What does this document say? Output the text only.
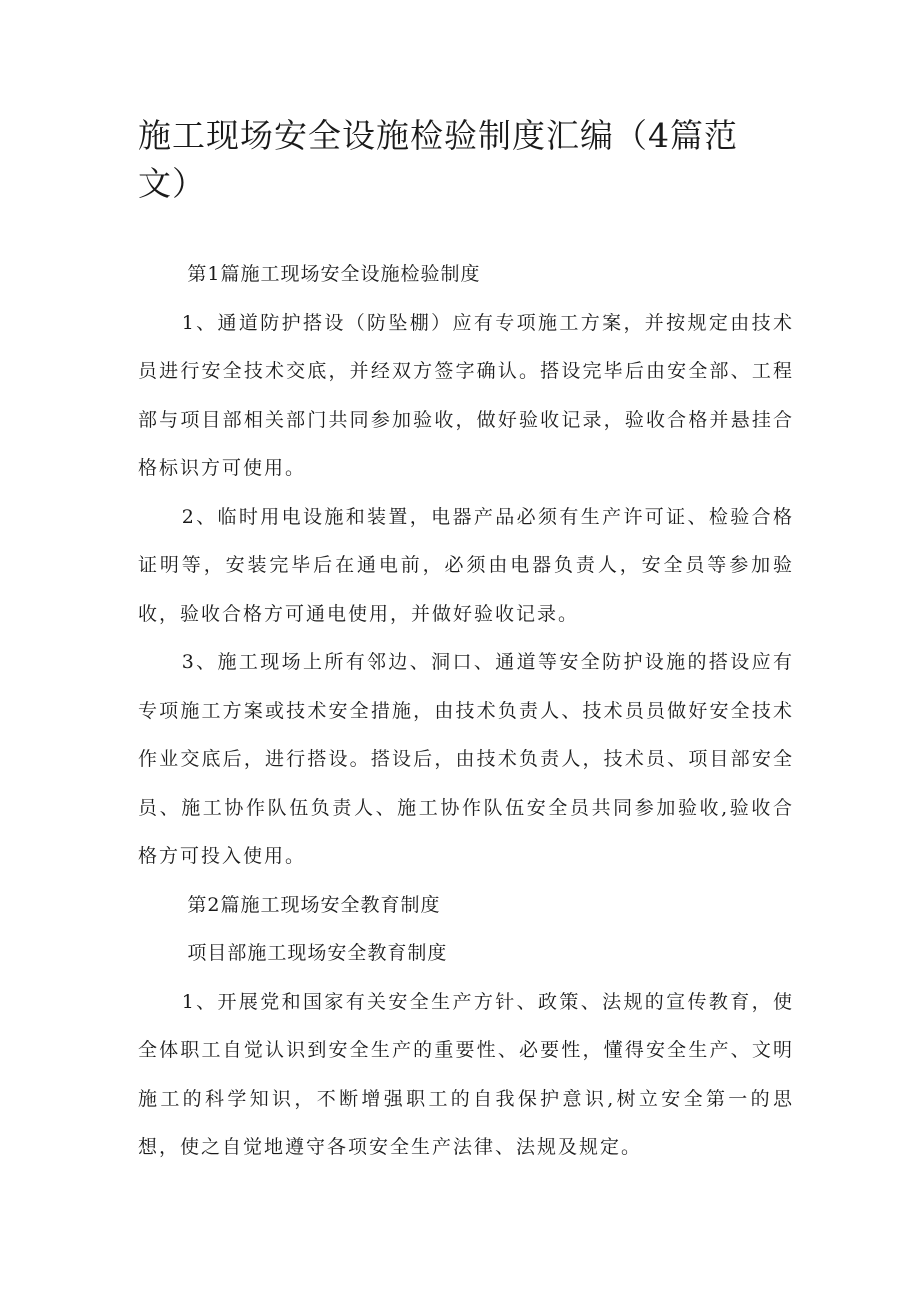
施工现场安全设施检验制度汇编（4篇范文）

第1篇施工现场安全设施检验制度

1、通道防护搭设（防坠棚）应有专项施工方案，并按规定由技术员进行安全技术交底，并经双方签字确认。搭设完毕后由安全部、工程部与项目部相关部门共同参加验收，做好验收记录，验收合格并悬挂合格标识方可使用。

2、临时用电设施和装置，电器产品必须有生产许可证、检验合格证明等，安装完毕后在通电前，必须由电器负责人，安全员等参加验收，验收合格方可通电使用，并做好验收记录。

3、施工现场上所有邻边、洞口、通道等安全防护设施的搭设应有专项施工方案或技术安全措施，由技术负责人、技术员员做好安全技术作业交底后，进行搭设。搭设后，由技术负责人，技术员、项目部安全员、施工协作队伍负责人、施工协作队伍安全员共同参加验收,验收合格方可投入使用。

第2篇施工现场安全教育制度

项目部施工现场安全教育制度

1、开展党和国家有关安全生产方针、政策、法规的宣传教育，使全体职工自觉认识到安全生产的重要性、必要性，懂得安全生产、文明施工的科学知识，不断增强职工的自我保护意识,树立安全第一的思想，使之自觉地遵守各项安全生产法律、法规及规定。
